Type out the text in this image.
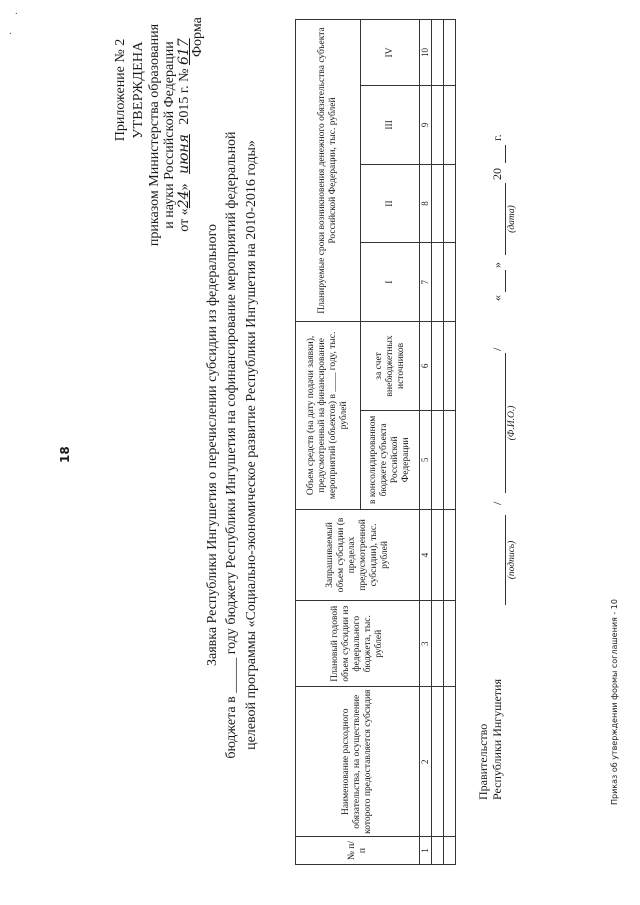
·
·
18
Приложение № 2 УТВЕРЖДЕНА приказом Министерства образования и науки Российской Федерации от «24» июня 2015 г. № 617
Форма
Заявка Республики Ингушетия о перечислении субсидии из федерального бюджета в _____ году бюджету Республики Ингушетия на софинансирование мероприятий федеральной целевой программы «Социально-экономическое развитие Республики Ингушетия на 2010-2016 годы»
№ п/п	Наименование расходного обязательства, на осуществление которого предоставляется субсидия	Плановый годовой объем субсидии из федерального бюджета, тыс. рублей	Запрашиваемый объем субсидии (в пределах предусмотренной субсидии), тыс. рублей	Объем средств (на дату подачи заявки), предусмотренный на финансирование мероприятий (объектов) в ____ году, тыс. рублей		Планируемые сроки возникновения денежного обязательства субъекта Российской Федерации, тыс. рублей			
				в консолидированном бюджете субъекта Российской Федерации	за счет внебюджетных источников	I	II	III	IV
1	2	3	4	5	6	7	8	9	10

Правительство Республики Ингушетия
(подпись)
/
/
(Ф.И.О.)
«
»
(дата)
20
г.
Приказ об утверждении формы соглашения - 10
